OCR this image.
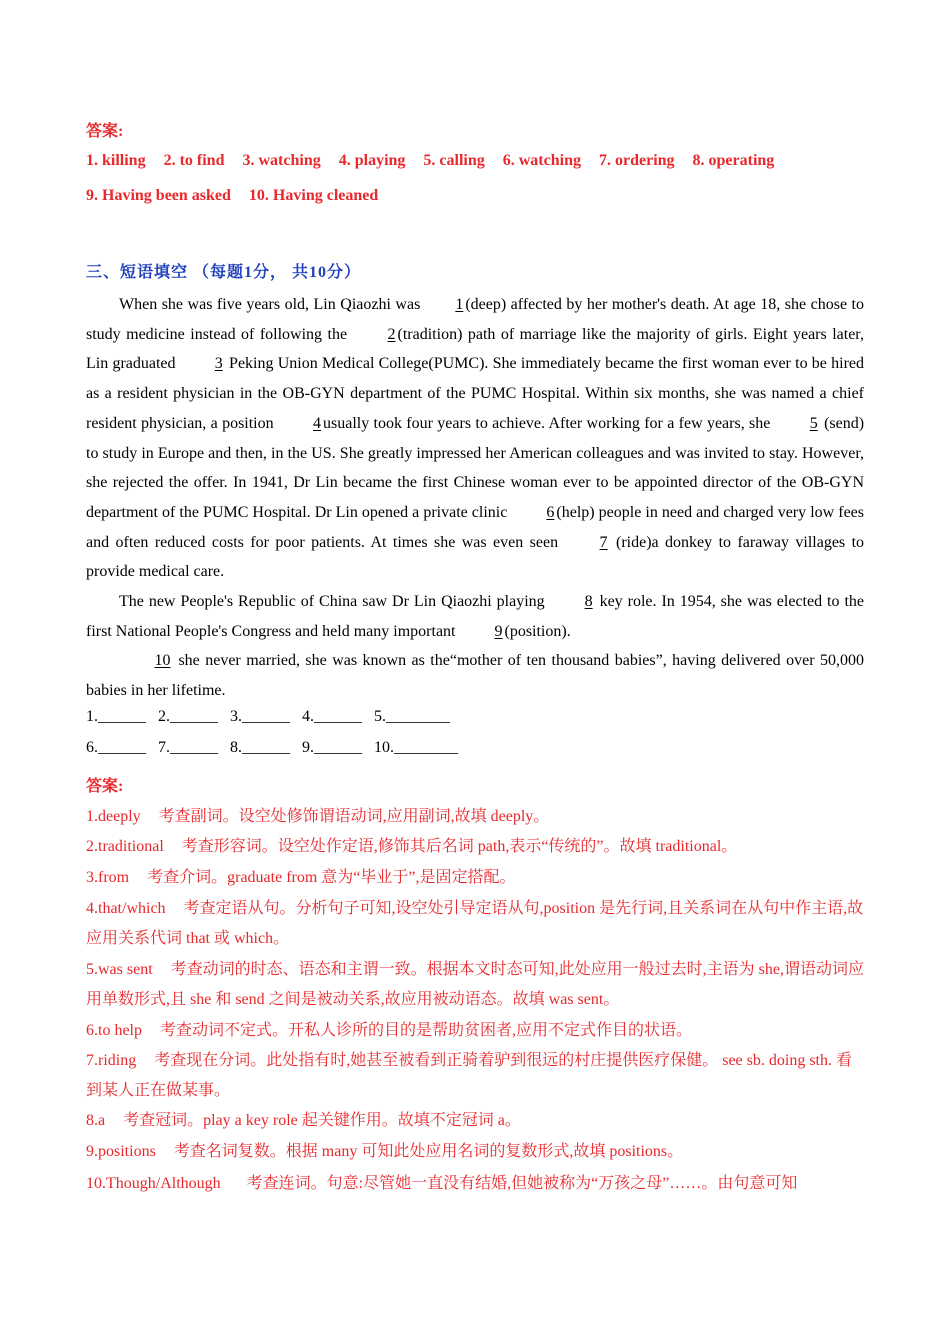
答案:
1. killing 2. to find 3. watching 4. playing 5. calling 6. watching 7. ordering 8. operating
9. Having been asked 10. Having cleaned
三、短语填空 （每题1分， 共10分）

When she was five years old, Lin Qiaozhi was 1 (deep) affected by her mother's death. At age 18, she chose to study medicine instead of following the	2 (tradition) path of marriage like the majority of girls. Eight years later, Lin graduated 3 Peking Union Medical College(PUMC). She immediately became the first woman ever to be hired as a resident physician in the OB-GYN department of the PUMC Hospital. Within six months, she was named a chief resident physician, a position 4 usually took four years to achieve. After working for a few years, she 5 (send) to study in Europe and then, in the US. She greatly impressed her American colleagues and was invited to stay. However, she rejected the offer. In 1941, Dr Lin became the first Chinese woman ever to be appointed director of the OB-GYN department of the PUMC Hospital. Dr Lin opened a private clinic 6 (help) people in need and charged very low fees and often reduced costs for poor patients. At times she was even seen	7 (ride)a donkey to faraway villages to provide medical care.

The new People's Republic of China saw Dr Lin Qiaozhi playing 8 key role. In 1954, she was elected to the first National People's Congress and held many important 9 (position).

10 she never married, she was known as the“mother of ten thousand babies”, having delivered over 50,000 babies in her lifetime.

1.______ 2.______ 3.______ 4.______ 5.________
6.______ 7.______ 8.______ 9.______ 10.________
答案:
1.deeply 考查副词。设空处修饰谓语动词,应用副词,故填 deeply。
2.traditional 考查形容词。设空处作定语,修饰其后名词 path,表示“传统的”。故填 traditional。
3.from 考查介词。graduate from 意为“毕业于”,是固定搭配。
4.that/which 考查定语从句。分析句子可知,设空处引导定语从句,position 是先行词,且关系词在从句中作主语,故应用关系代词 that 或 which。
5.was sent 考查动词的时态、语态和主谓一致。根据本文时态可知,此处应用一般过去时,主语为 she,谓语动词应用单数形式,且 she 和 send 之间是被动关系,故应用被动语态。故填 was sent。
6.to help 考查动词不定式。开私人诊所的目的是帮助贫困者,应用不定式作目的状语。
7.riding 考查现在分词。此处指有时,她甚至被看到正骑着驴到很远的村庄提供医疗保健。 see sb. doing sth. 看到某人正在做某事。
8.a 考查冠词。play a key role 起关键作用。故填不定冠词 a。
9.positions 考查名词复数。根据 many 可知此处应用名词的复数形式,故填 positions。
10.Though/Although 考查连词。句意:尽管她一直没有结婚,但她被称为“万孩之母”……。由句意可知
